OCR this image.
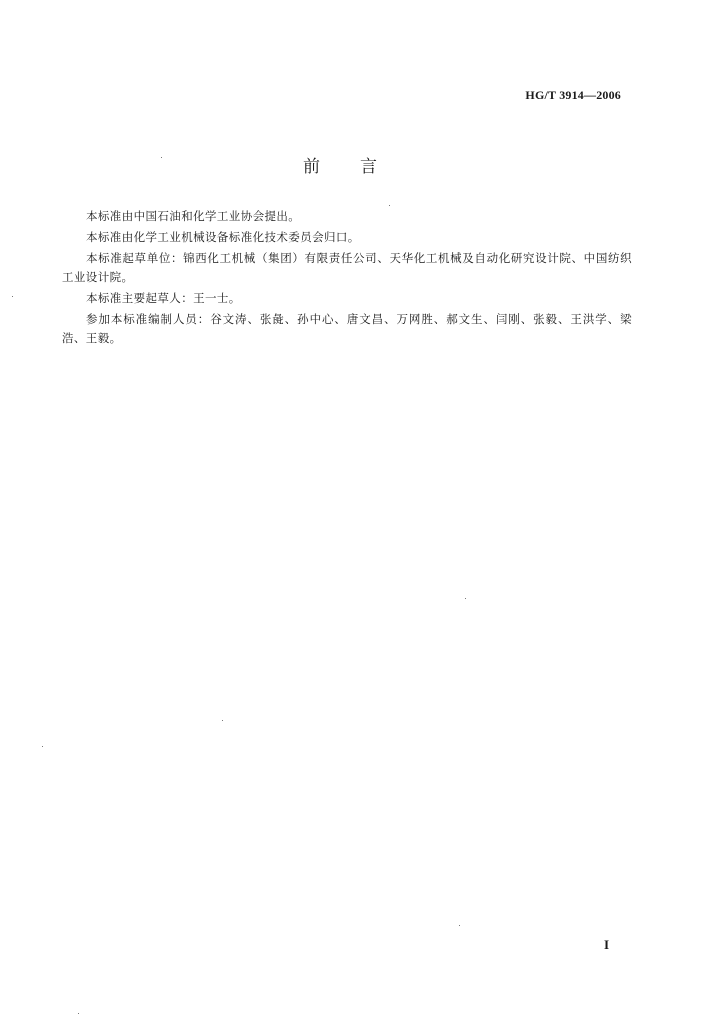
HG/T 3914—2006
前言

本标准由中国石油和化学工业协会提出。

本标准由化学工业机械设备标准化技术委员会归口。

本标准起草单位：锦西化工机械（集团）有限责任公司、天华化工机械及自动化研究设计院、中国纺织工业设计院。

本标准主要起草人：王一士。

参加本标准编制人员：谷文涛、张彘、孙中心、唐文昌、万网胜、郝文生、闫刚、张毅、王洪学、梁浩、王毅。

I
